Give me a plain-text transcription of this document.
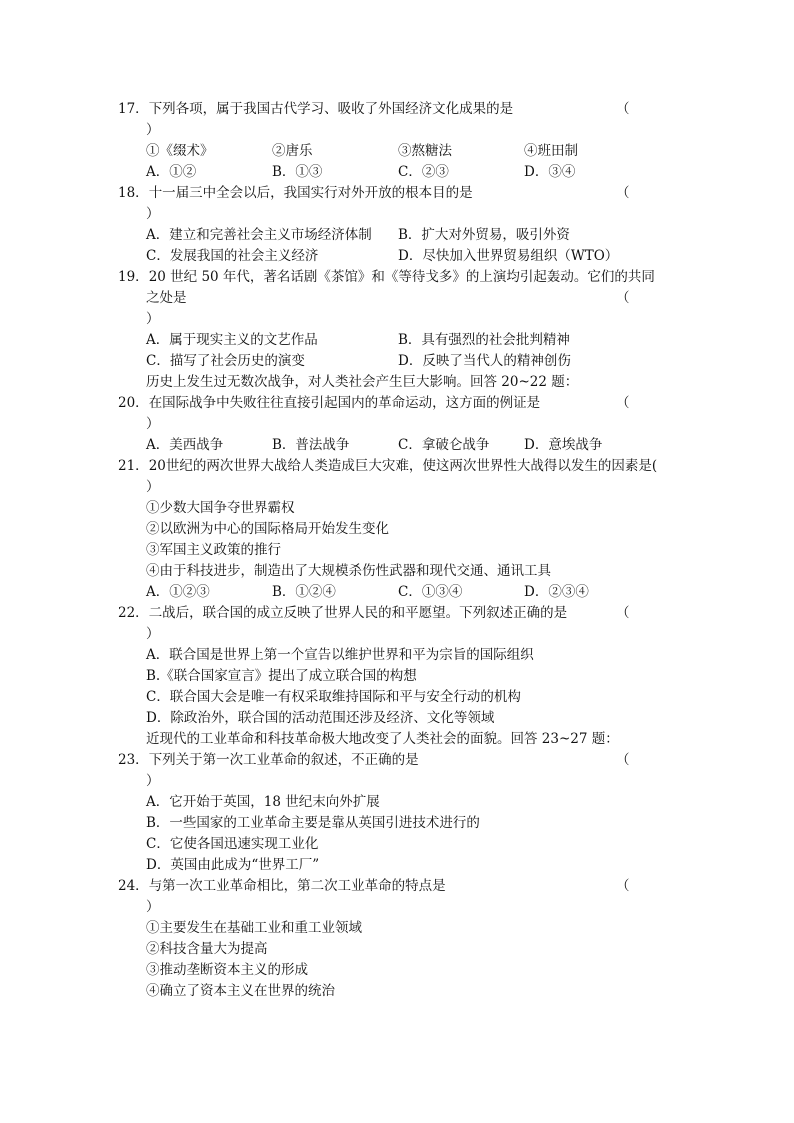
17．下列各项，属于我国古代学习、吸收了外国经济文化成果的是	（
）
①《缀术》	②唐乐	③熬糖法	④班田制
A．①②	B．①③	C．②③	D．③④
18．十一届三中全会以后，我国实行对外开放的根本目的是	（
）
A．建立和完善社会主义市场经济体制 B．扩大对外贸易，吸引外资
C．发展我国的社会主义经济	D．尽快加入世界贸易组织（WTO）
19．20 世纪 50 年代，著名话剧《茶馆》和《等待戈多》的上演均引起轰动。它们的共同
之处是	（
）
A．属于现实主义的文艺作品	B．具有强烈的社会批判精神
C．描写了社会历史的演变	D．反映了当代人的精神创伤
历史上发生过无数次战争，对人类社会产生巨大影响。回答 20~22 题：
20．在国际战争中失败往往直接引起国内的革命运动，这方面的例证是	（
）
A．美西战争	B．普法战争	C．拿破仑战争	D．意埃战争
21．20世纪的两次世界大战给人类造成巨大灾难，使这两次世界性大战得以发生的因素是(
）
①少数大国争夺世界霸权
②以欧洲为中心的国际格局开始发生变化
③军国主义政策的推行
④由于科技进步，制造出了大规模杀伤性武器和现代交通、通讯工具
A．①②③	B．①②④	C．①③④	D．②③④
22．二战后，联合国的成立反映了世界人民的和平愿望。下列叙述正确的是	（
）
A．联合国是世界上第一个宣告以维护世界和平为宗旨的国际组织
B.《联合国家宣言》提出了成立联合国的构想
C．联合国大会是唯一有权采取维持国际和平与安全行动的机构
D．除政治外，联合国的活动范围还涉及经济、文化等领域
近现代的工业革命和科技革命极大地改变了人类社会的面貌。回答 23~27 题：
23．下列关于第一次工业革命的叙述，不正确的是	（
）
A．它开始于英国，18 世纪末向外扩展
B．一些国家的工业革命主要是靠从英国引进技术进行的
C．它使各国迅速实现工业化
D．英国由此成为“世界工厂”
24．与第一次工业革命相比，第二次工业革命的特点是	（
）
①主要发生在基础工业和重工业领域
②科技含量大为提高
③推动垄断资本主义的形成
④确立了资本主义在世界的统治
